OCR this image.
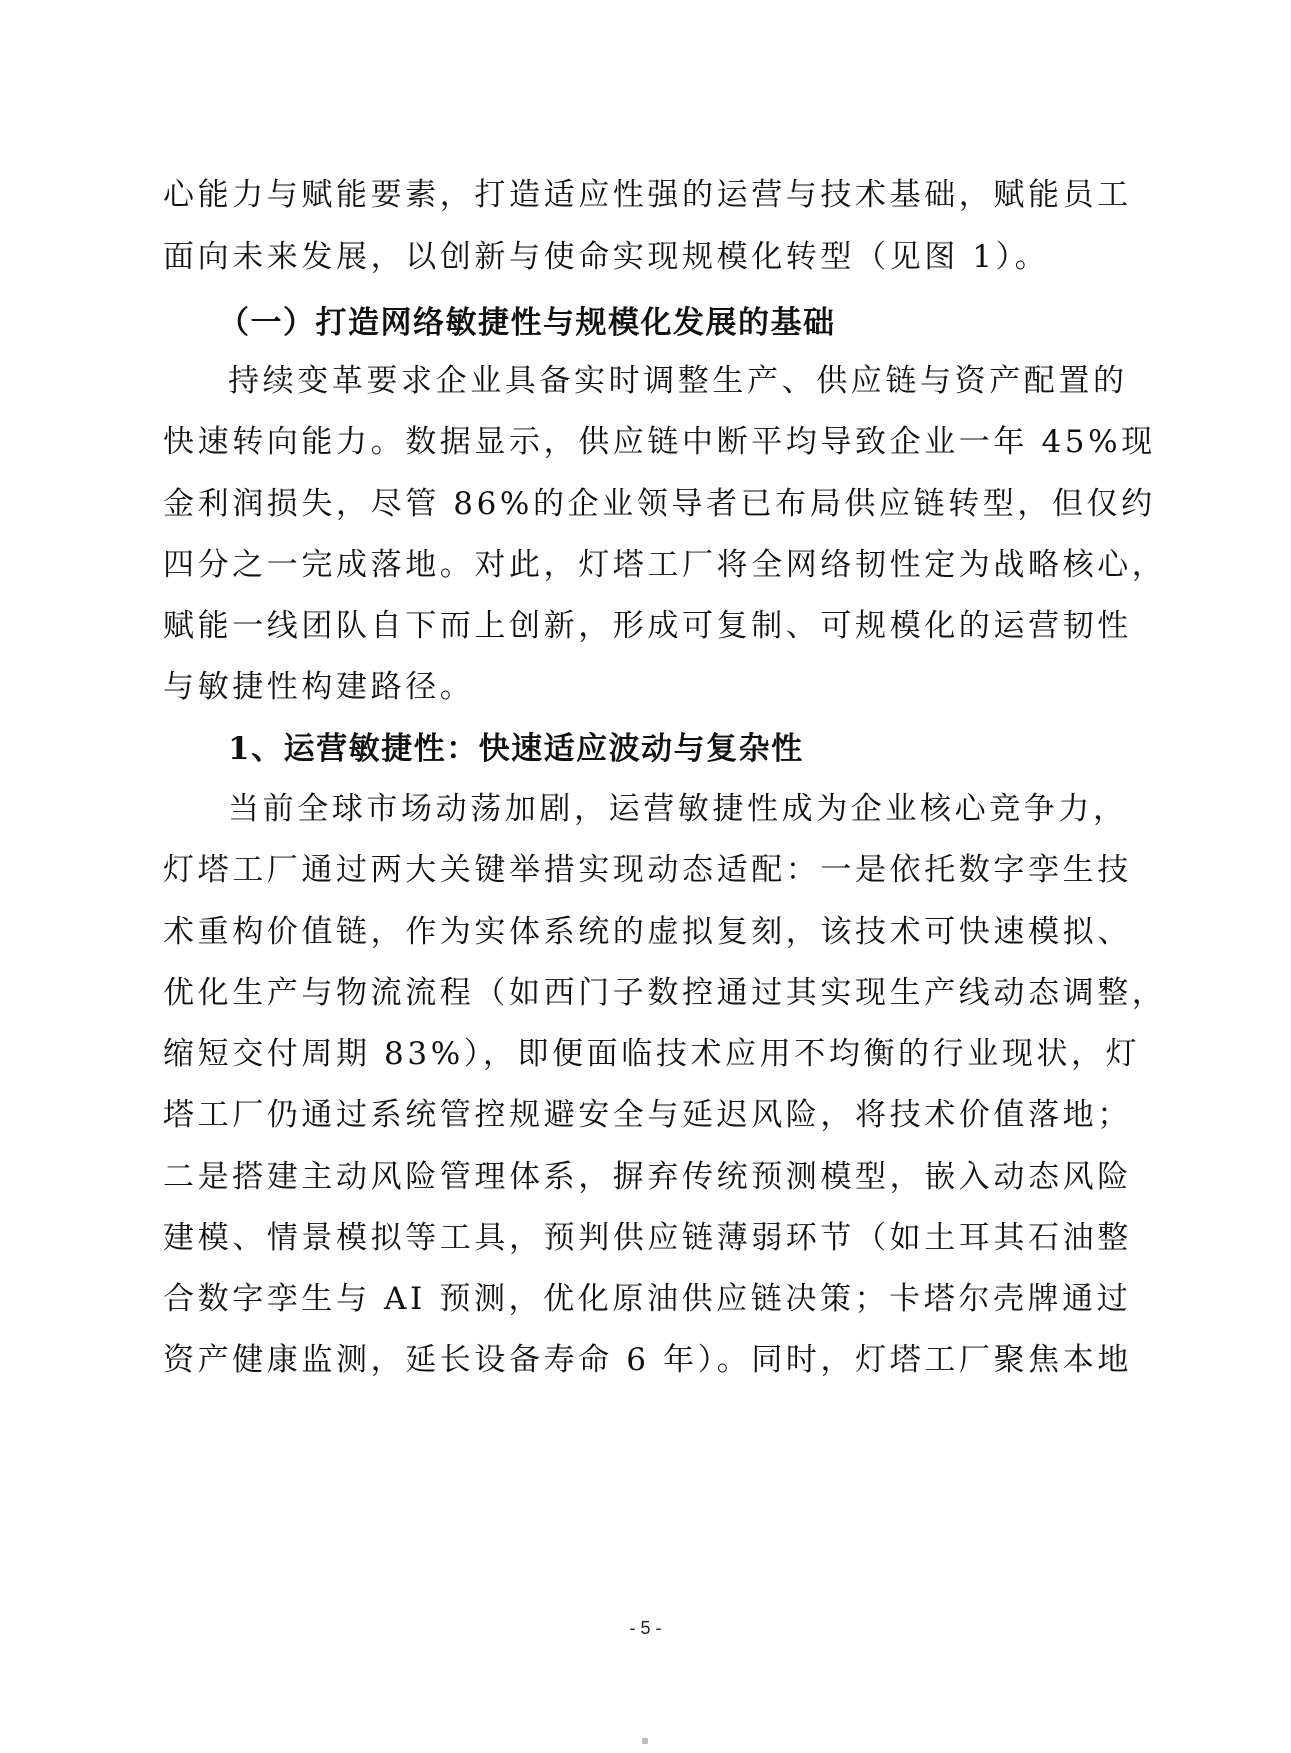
心能力与赋能要素，打造适应性强的运营与技术基础，赋能员工
面向未来发展，以创新与使命实现规模化转型（见图 1）。
（一）打造网络敏捷性与规模化发展的基础
持续变革要求企业具备实时调整生产、供应链与资产配置的
快速转向能力。数据显示，供应链中断平均导致企业一年 45%现
金利润损失，尽管 86%的企业领导者已布局供应链转型，但仅约
四分之一完成落地。对此，灯塔工厂将全网络韧性定为战略核心，
赋能一线团队自下而上创新，形成可复制、可规模化的运营韧性
与敏捷性构建路径。
1、运营敏捷性：快速适应波动与复杂性
当前全球市场动荡加剧，运营敏捷性成为企业核心竞争力，
灯塔工厂通过两大关键举措实现动态适配：一是依托数字孪生技
术重构价值链，作为实体系统的虚拟复刻，该技术可快速模拟、
优化生产与物流流程（如西门子数控通过其实现生产线动态调整，
缩短交付周期 83%），即便面临技术应用不均衡的行业现状，灯
塔工厂仍通过系统管控规避安全与延迟风险，将技术价值落地；
二是搭建主动风险管理体系，摒弃传统预测模型，嵌入动态风险
建模、情景模拟等工具，预判供应链薄弱环节（如土耳其石油整
合数字孪生与 AI 预测，优化原油供应链决策；卡塔尔壳牌通过
资产健康监测，延长设备寿命 6 年）。同时，灯塔工厂聚焦本地
- 5 -
